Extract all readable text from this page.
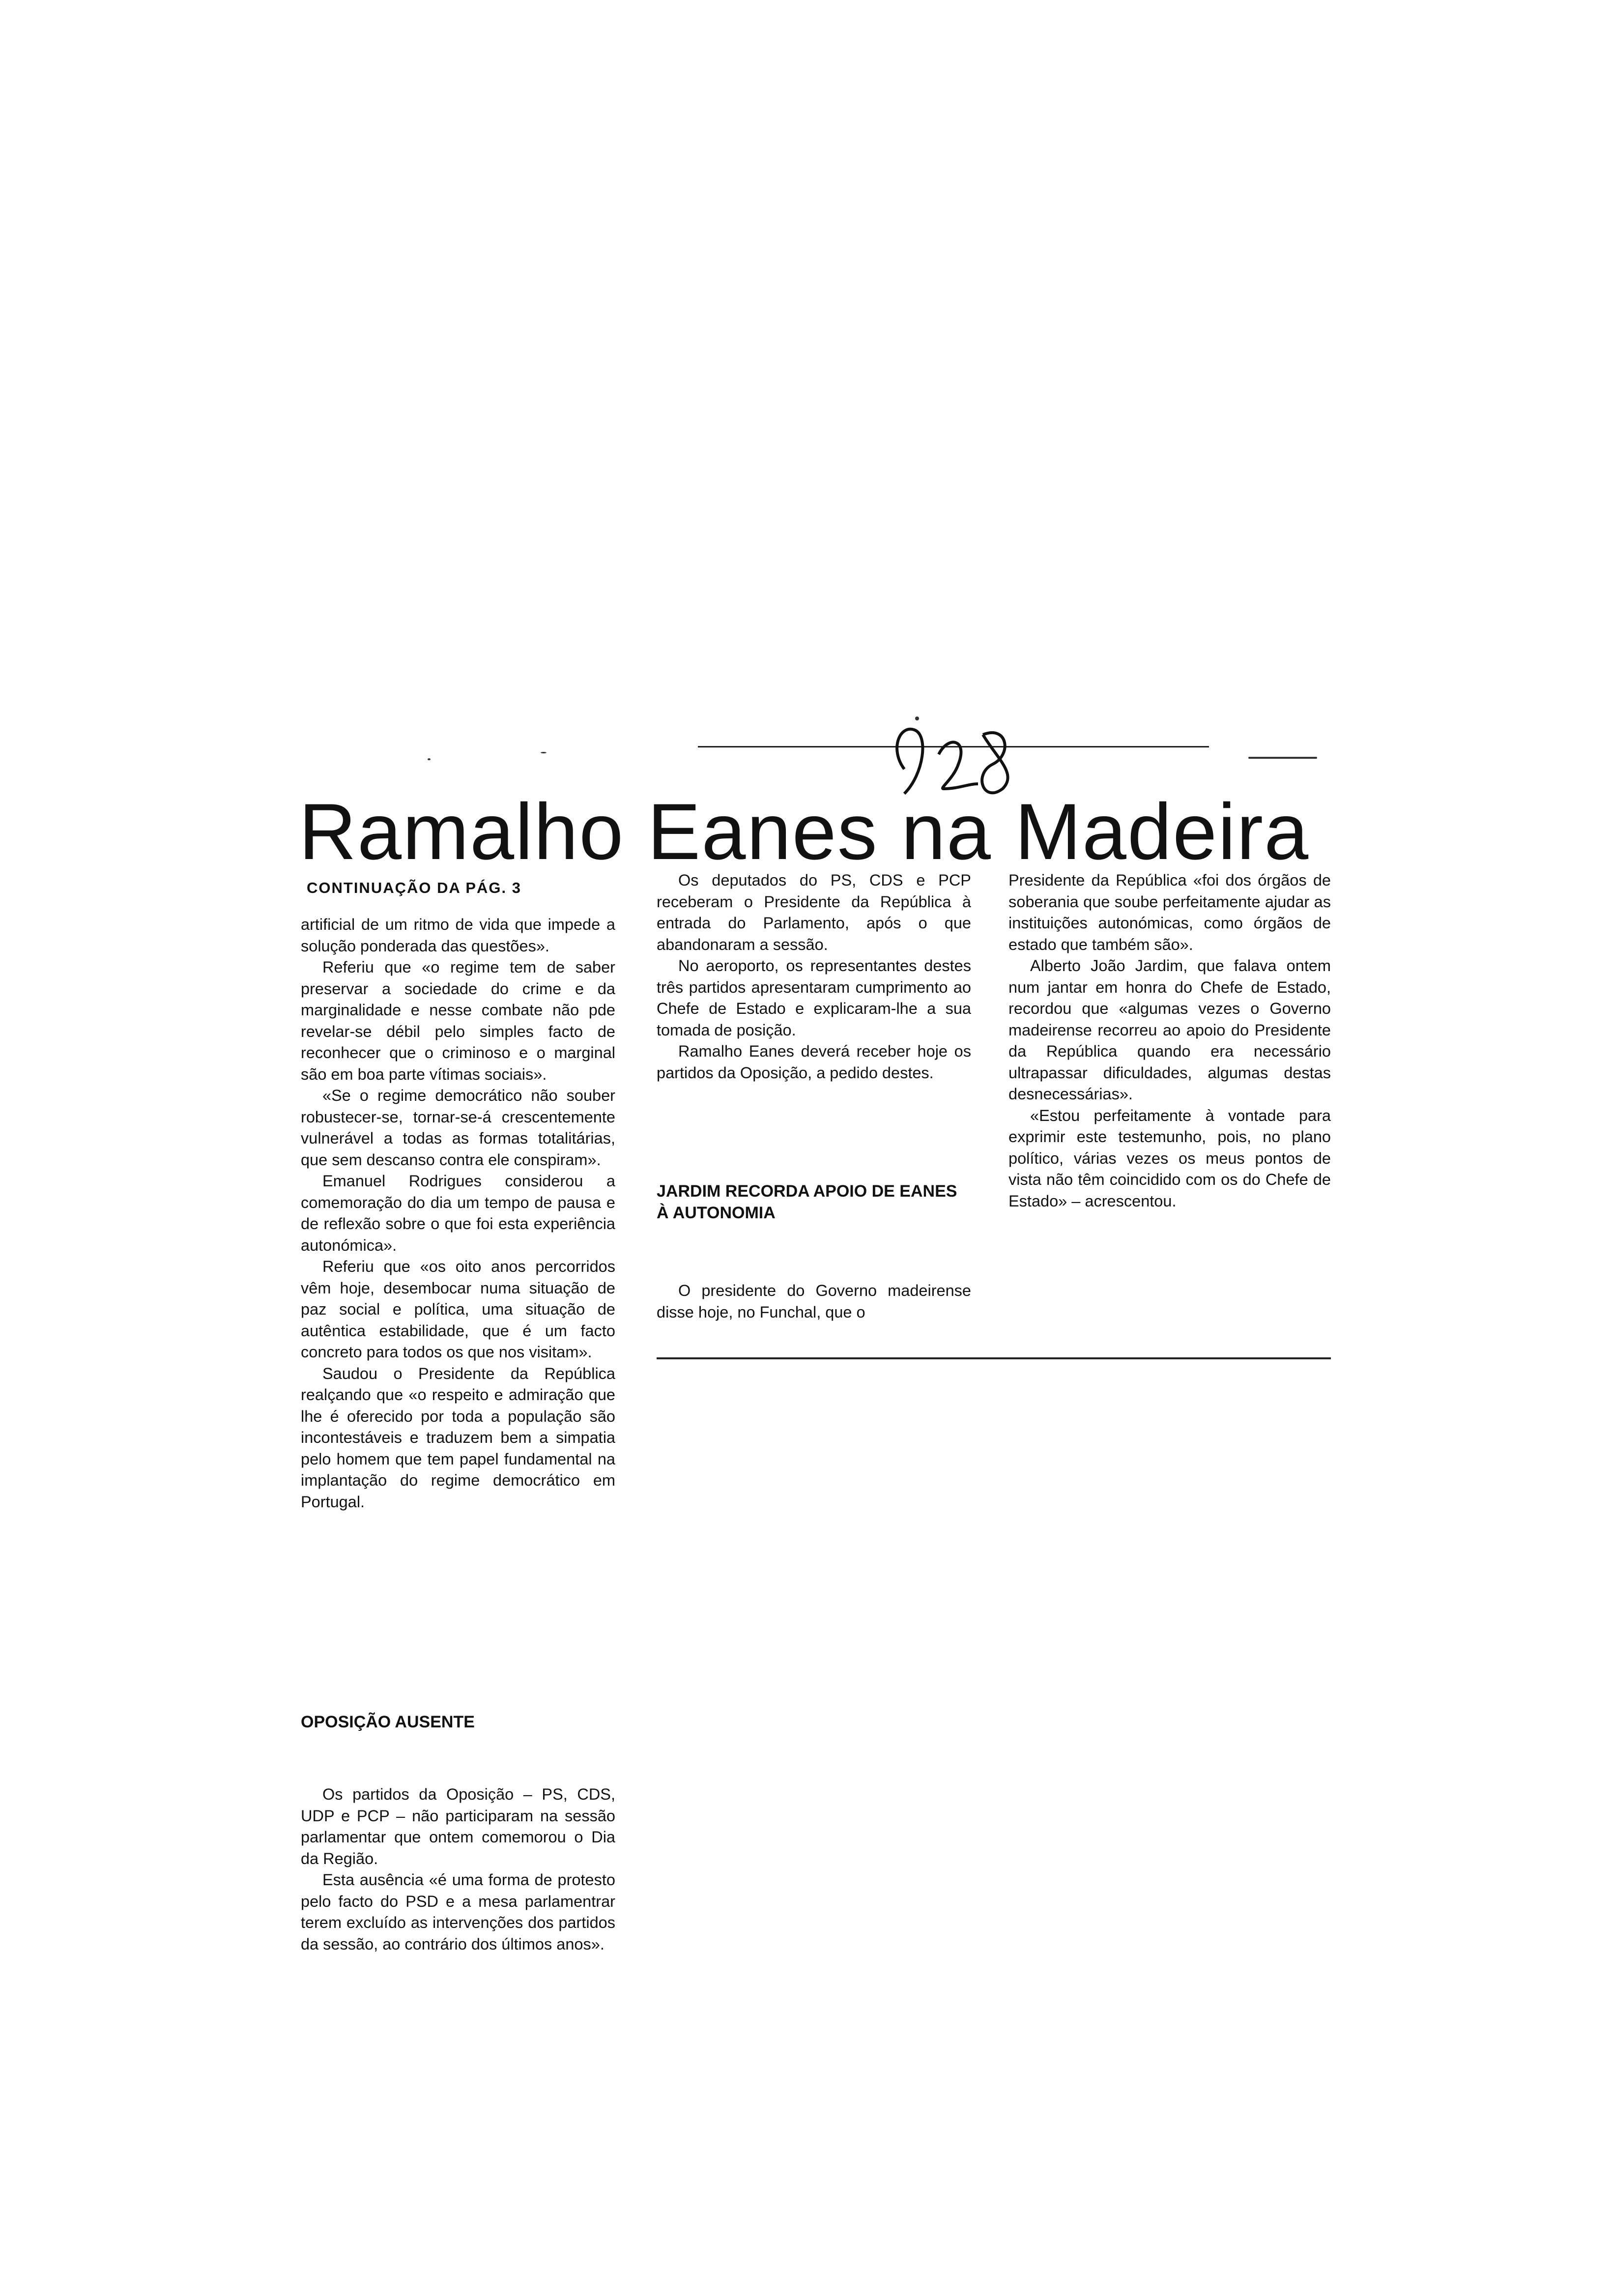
Ramalho Eanes na Madeira
CONTINUAÇÃO DA PÁG. 3

artificial de um ritmo de vida que impede a solução ponderada das questões».

Referiu que «o regime tem de saber preservar a sociedade do crime e da marginalidade e nesse combate não pde revelar-se débil pelo simples facto de reconhecer que o criminoso e o marginal são em boa parte vítimas sociais».

«Se o regime democrático não souber robustecer-se, tornar-se-á crescentemente vulnerável a todas as formas totalitárias, que sem descanso contra ele conspiram».

Emanuel Rodrigues considerou a comemoração do dia um tempo de pausa e de reflexão sobre o que foi esta experiência autonómica».

Referiu que «os oito anos percorridos vêm hoje, desembocar numa situação de paz social e política, uma situação de autêntica estabilidade, que é um facto concreto para todos os que nos visitam».

Saudou o Presidente da República realçando que «o respeito e admiração que lhe é oferecido por toda a população são incontestáveis e traduzem bem a simpatia pelo homem que tem papel fundamental na implantação do regime democrático em Portugal.

OPOSIÇÃO AUSENTE

Os partidos da Oposição – PS, CDS, UDP e PCP – não participaram na sessão parlamentar que ontem comemorou o Dia da Região.

Esta ausência «é uma forma de protesto pelo facto do PSD e a mesa parlamentrar terem excluído as intervenções dos partidos da sessão, ao contrário dos últimos anos».

Os deputados do PS, CDS e PCP receberam o Presidente da República à entrada do Parlamento, após o que abandonaram a sessão.

No aeroporto, os representantes destes três partidos apresentaram cumprimento ao Chefe de Estado e explicaram-lhe a sua tomada de posição.

Ramalho Eanes deverá receber hoje os partidos da Oposição, a pedido destes.

JARDIM RECORDA APOIO DE EANES À AUTONOMIA

O presidente do Governo madeirense disse hoje, no Funchal, que o

Presidente da República «foi dos órgãos de soberania que soube perfeitamente ajudar as instituições autonómicas, como órgãos de estado que também são».

Alberto João Jardim, que falava ontem num jantar em honra do Chefe de Estado, recordou que «algumas vezes o Governo madeirense recorreu ao apoio do Presidente da República quando era necessário ultrapassar dificuldades, algumas destas desnecessárias».

«Estou perfeitamente à vontade para exprimir este testemunho, pois, no plano político, várias vezes os meus pontos de vista não têm coincidido com os do Chefe de Estado» – acrescentou.
